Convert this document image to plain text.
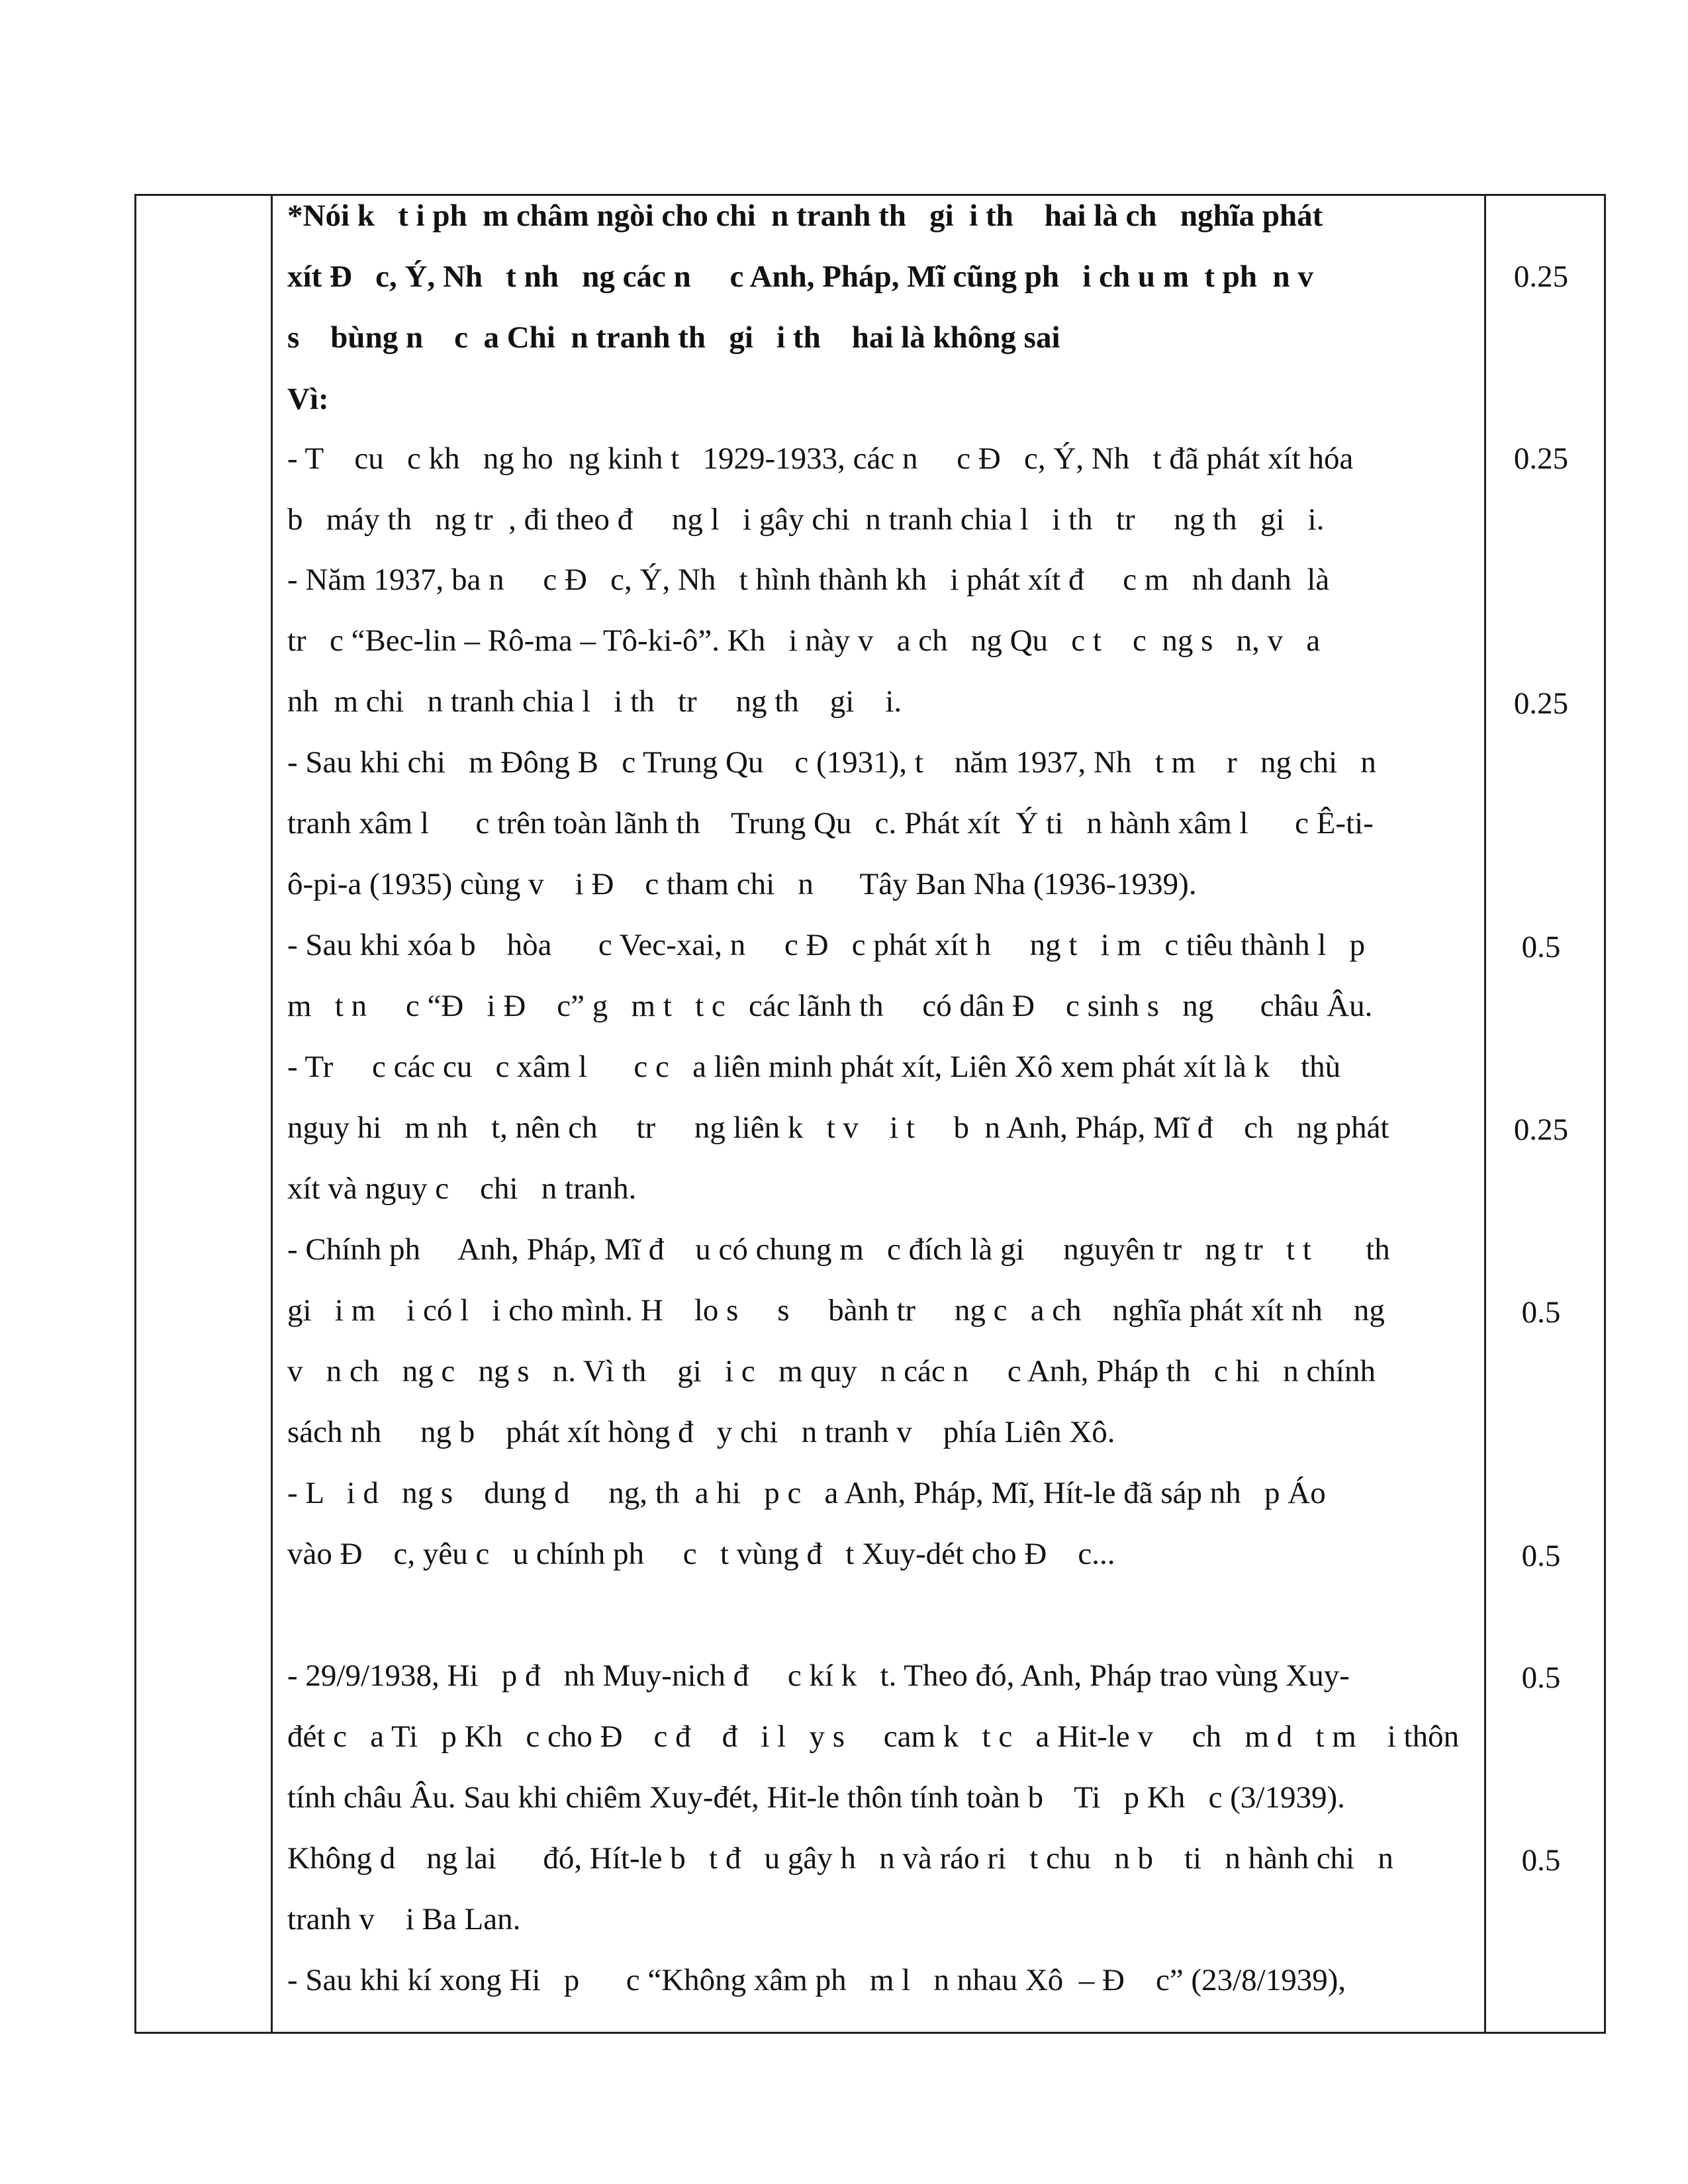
*Nói k   t i ph  m châm ngòi cho chi  n tranh th   gi  i th    hai là ch   nghĩa phát
xít Đ   c, Ý, Nh   t nh   ng các n     c Anh, Pháp, Mĩ cũng ph   i ch u m  t ph  n v
s    bùng n    c  a Chi  n tranh th   gi   i th    hai là không sai
Vì:
- T    cu   c kh   ng ho  ng kinh t   1929-1933, các n     c Đ   c, Ý, Nh   t đã phát xít hóa
b   máy th   ng tr  , đi theo đ     ng l   i gây chi  n tranh chia l   i th   tr     ng th   gi   i.
- Năm 1937, ba n     c Đ   c, Ý, Nh   t hình thành kh   i phát xít đ     c m   nh danh  là
tr   c “Bec-lin – Rô-ma – Tô-ki-ô”. Kh   i này v   a ch   ng Qu   c t    c  ng s   n, v   a
nh  m chi   n tranh chia l   i th   tr     ng th    gi    i.
- Sau khi chi   m Đông B   c Trung Qu    c (1931), t    năm 1937, Nh   t m    r   ng chi   n
tranh xâm l      c trên toàn lãnh th    Trung Qu   c. Phát xít  Ý ti   n hành xâm l      c Ê-ti-
ô-pi-a (1935) cùng v    i Đ    c tham chi   n      Tây Ban Nha (1936-1939).
- Sau khi xóa b    hòa      c Vec-xai, n     c Đ   c phát xít h     ng t   i m   c tiêu thành l   p
m   t n     c “Đ   i Đ    c” g   m t   t c   các lãnh th     có dân Đ    c sinh s   ng      châu Âu.
- Tr     c các cu   c xâm l      c c   a liên minh phát xít, Liên Xô xem phát xít là k    thù
nguy hi   m nh   t, nên ch     tr     ng liên k   t v    i t     b  n Anh, Pháp, Mĩ đ    ch   ng phát
xít và nguy c    chi   n tranh.
- Chính ph     Anh, Pháp, Mĩ đ    u có chung m   c đích là gi     nguyên tr   ng tr   t t       th
gi   i m    i có l   i cho mình. H    lo s     s     bành tr     ng c   a ch    nghĩa phát xít nh    ng
v   n ch   ng c   ng s   n. Vì th    gi   i c   m quy   n các n     c Anh, Pháp th   c hi   n chính
sách nh     ng b    phát xít hòng đ   y chi   n tranh v    phía Liên Xô.
- L   i d   ng s    dung d     ng, th  a hi   p c   a Anh, Pháp, Mĩ, Hít-le đã sáp nh   p Áo
vào Đ    c, yêu c   u chính ph     c   t vùng đ   t Xuy-dét cho Đ    c...
- 29/9/1938, Hi   p đ   nh Muy-nich đ     c kí k   t. Theo đó, Anh, Pháp trao vùng Xuy-
đét c   a Ti   p Kh   c cho Đ    c đ    đ   i l   y s     cam k   t c   a Hit-le v     ch   m d   t m    i thôn
tính châu Âu. Sau khi chiêm Xuy-đét, Hit-le thôn tính toàn b    Ti   p Kh   c (3/1939).
Không d    ng lai      đó, Hít-le b   t đ   u gây h   n và ráo ri   t chu   n b    ti   n hành chi   n
tranh v    i Ba Lan.
- Sau khi kí xong Hi   p      c “Không xâm ph   m l   n nhau Xô  – Đ    c” (23/8/1939),
0.25
0.25
0.25
0.5
0.25
0.5
0.5
0.5
0.5
